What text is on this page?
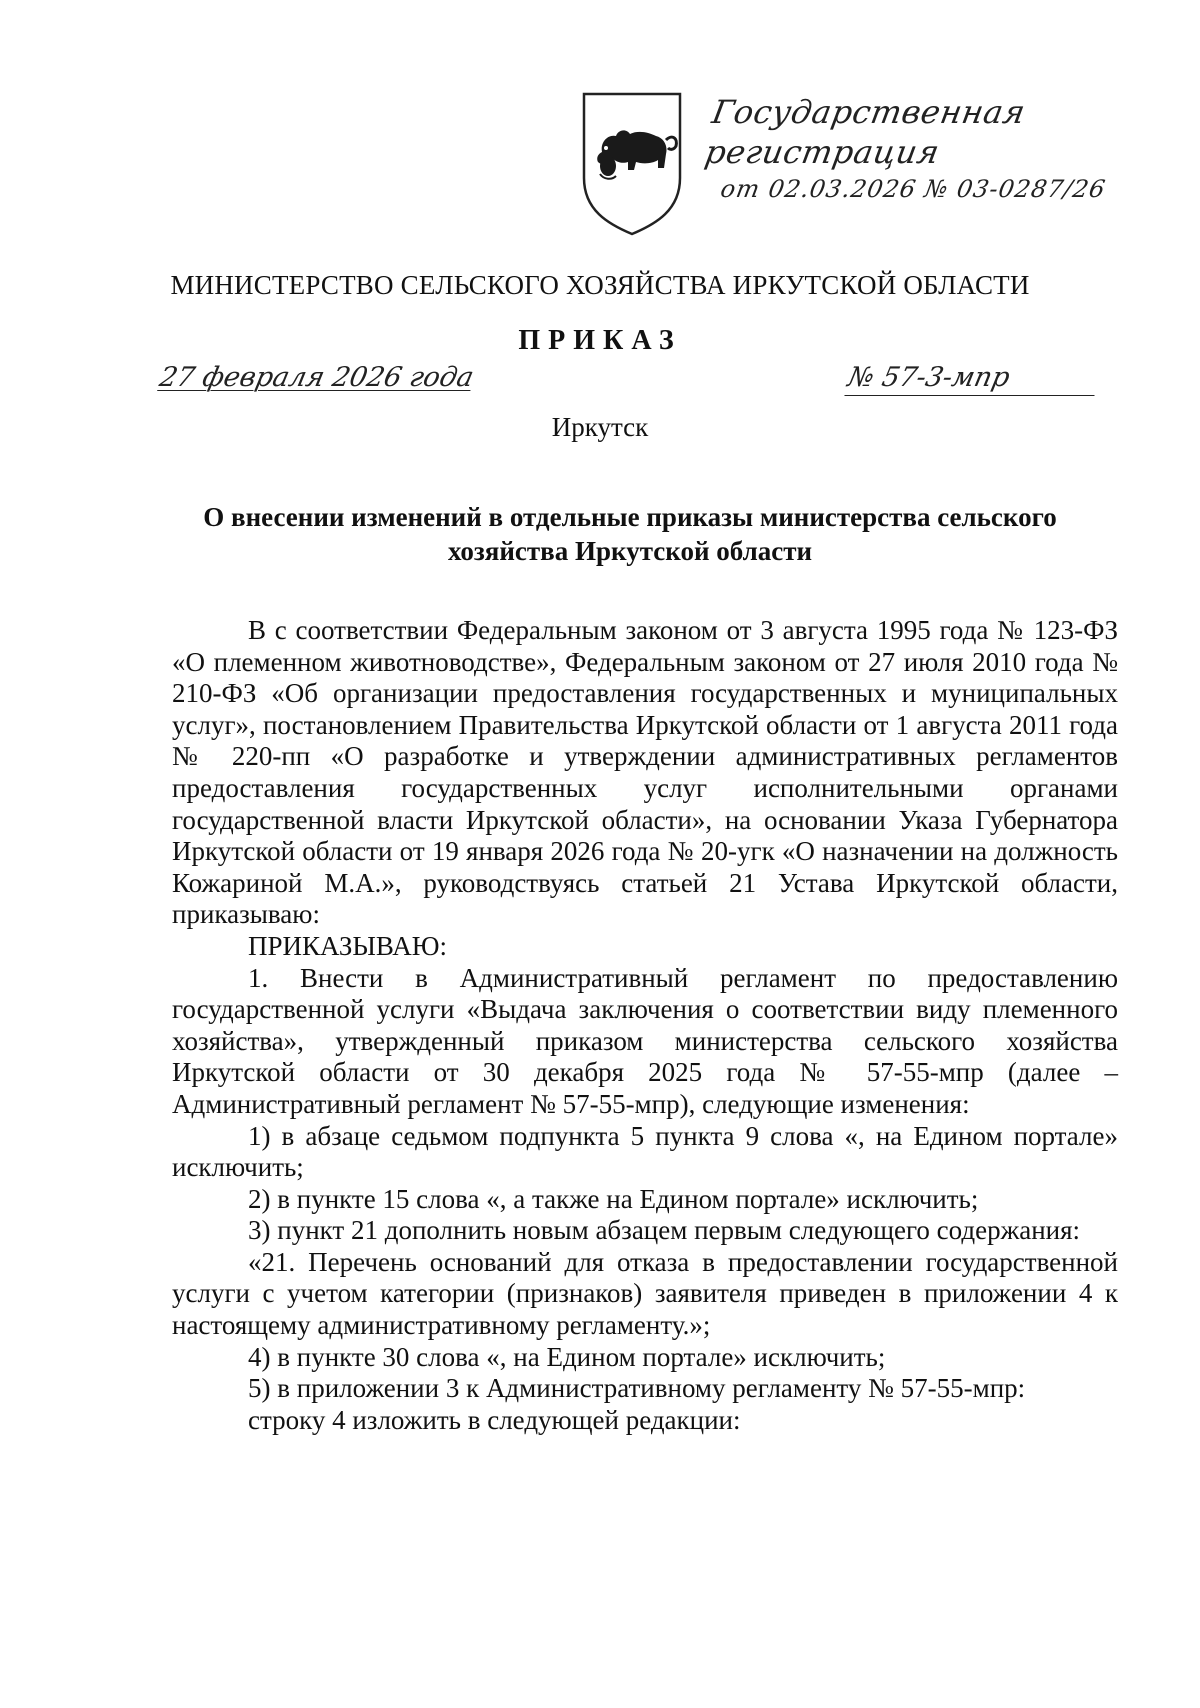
Государственная регистрация
от 02.03.2026 № 03-0287/26
МИНИСТЕРСТВО СЕЛЬСКОГО ХОЗЯЙСТВА ИРКУТСКОЙ ОБЛАСТИ
ПРИКАЗ
27 февраля 2026 года	№ 57-3-мпр
Иркутск
О внесении изменений в отдельные приказы министерства сельского
хозяйства Иркутской области

В с соответствии Федеральным законом от 3 августа 1995 года № 123-ФЗ «О племенном животноводстве», Федеральным законом от 27 июля 2010 года № 210-ФЗ «Об организации предоставления государственных и муниципальных услуг», постановлением Правительства Иркутской области от 1 августа 2011 года № 220-пп «О разработке и утверждении административных регламентов предоставления государственных услуг исполнительными органами государственной власти Иркутской области», на основании Указа Губернатора Иркутской области от 19 января 2026 года № 20-угк «О назначении на должность Кожариной М.А.», руководствуясь статьей 21 Устава Иркутской области, приказываю:

ПРИКАЗЫВАЮ:

1. Внести в Административный регламент по предоставлению государственной услуги «Выдача заключения о соответствии виду племенного хозяйства», утвержденный приказом министерства сельского хозяйства Иркутской области от 30 декабря 2025 года № 57-55-мпр (далее – Административный регламент № 57-55-мпр), следующие изменения:

1) в абзаце седьмом подпункта 5 пункта 9 слова «, на Едином портале» исключить;

2) в пункте 15 слова «, а также на Едином портале» исключить;

3) пункт 21 дополнить новым абзацем первым следующего содержания:

«21. Перечень оснований для отказа в предоставлении государственной услуги с учетом категории (признаков) заявителя приведен в приложении 4 к настоящему административному регламенту.»;

4) в пункте 30 слова «, на Едином портале» исключить;

5) в приложении 3 к Административному регламенту № 57-55-мпр:

строку 4 изложить в следующей редакции:
